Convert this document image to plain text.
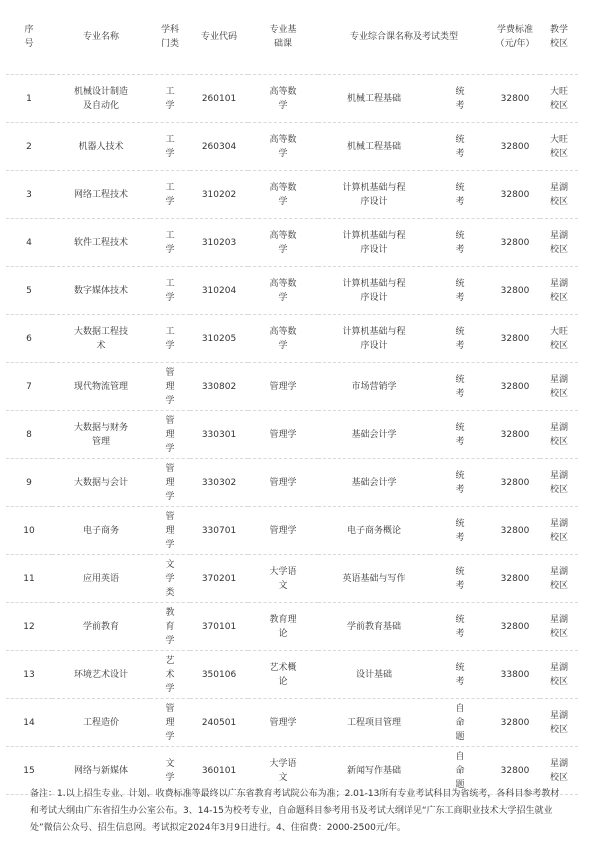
序号	专业名称	学科门类	专业代码	专业基础课	专业综合课名称及考试类型		学费标准（元/年）	教学校区
1	机械设计制造及自动化	工学	260101	高等数学	机械工程基础	统考	32800	大旺校区
2	机器人技术	工学	260304	高等数学	机械工程基础	统考	32800	大旺校区
3	网络工程技术	工学	310202	高等数学	计算机基础与程序设计	统考	32800	星湖校区
4	软件工程技术	工学	310203	高等数学	计算机基础与程序设计	统考	32800	星湖校区
5	数字媒体技术	工学	310204	高等数学	计算机基础与程序设计	统考	32800	星湖校区
6	大数据工程技术	工学	310205	高等数学	计算机基础与程序设计	统考	32800	大旺校区
7	现代物流管理	管理学	330802	管理学	市场营销学	统考	32800	星湖校区
8	大数据与财务管理	管理学	330301	管理学	基础会计学	统考	32800	星湖校区
9	大数据与会计	管理学	330302	管理学	基础会计学	统考	32800	星湖校区
10	电子商务	管理学	330701	管理学	电子商务概论	统考	32800	星湖校区
11	应用英语	文学类	370201	大学语文	英语基础与写作	统考	32800	星湖校区
12	学前教育	教育学	370101	教育理论	学前教育基础	统考	32800	星湖校区
13	环境艺术设计	艺术学	350106	艺术概论	设计基础	统考	33800	星湖校区
14	工程造价	管理学	240501	管理学	工程项目管理	自命题	32800	星湖校区
15	网络与新媒体	文学	360101	大学语文	新闻写作基础	自命题	32800	星湖校区
备注：1.以上招生专业、计划、收费标准等最终以广东省教育考试院公布为准；2.01-13所有专业考试科目为省统考，各科目参考教材和考试大纲由广东省招生办公室公布。3、14-15为校考专业，自命题科目参考用书及考试大纲详见“广东工商职业技术大学招生就业处”微信公众号、招生信息网。考试拟定2024年3月9日进行。4、住宿费：2000-2500元/年。
